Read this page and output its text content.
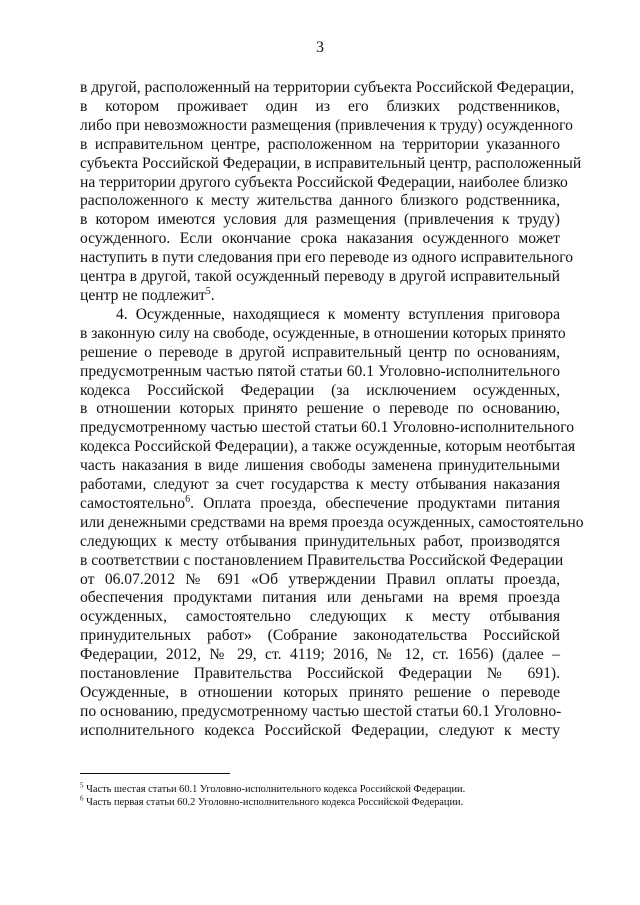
3
в другой, расположенный на территории субъекта Российской Федерации,
в котором проживает один из его близких родственников,
либо при невозможности размещения (привлечения к труду) осужденного
в исправительном центре, расположенном на территории указанного
субъекта Российской Федерации, в исправительный центр, расположенный
на территории другого субъекта Российской Федерации, наиболее близко
расположенного к месту жительства данного близкого родственника,
в котором имеются условия для размещения (привлечения к труду)
осужденного. Если окончание срока наказания осужденного может
наступить в пути следования при его переводе из одного исправительного
центра в другой, такой осужденный переводу в другой исправительный
центр не подлежит$^5$.
4. Осужденные, находящиеся к моменту вступления приговора
в законную силу на свободе, осужденные, в отношении которых принято
решение о переводе в другой исправительный центр по основаниям,
предусмотренным частью пятой статьи 60.1 Уголовно-исполнительного
кодекса Российской Федерации (за исключением осужденных,
в отношении которых принято решение о переводе по основанию,
предусмотренному частью шестой статьи 60.1 Уголовно-исполнительного
кодекса Российской Федерации), а также осужденные, которым неотбытая
часть наказания в виде лишения свободы заменена принудительными
работами, следуют за счет государства к месту отбывания наказания
самостоятельно$^6$. Оплата проезда, обеспечение продуктами питания
или денежными средствами на время проезда осужденных, самостоятельно
следующих к месту отбывания принудительных работ, производятся
в соответствии с постановлением Правительства Российской Федерации
от 06.07.2012 № 691 «Об утверждении Правил оплаты проезда,
обеспечения продуктами питания или деньгами на время проезда
осужденных, самостоятельно следующих к месту отбывания
принудительных работ» (Собрание законодательства Российской
Федерации, 2012, № 29, ст. 4119; 2016, № 12, ст. 1656) (далее –
постановление Правительства Российской Федерации № 691).
Осужденные, в отношении которых принято решение о переводе
по основанию, предусмотренному частью шестой статьи 60.1 Уголовно-
исполнительного кодекса Российской Федерации, следуют к месту
$^5$ Часть шестая статьи 60.1 Уголовно-исполнительного кодекса Российской Федерации.
$^6$ Часть первая статьи 60.2 Уголовно-исполнительного кодекса Российской Федерации.
